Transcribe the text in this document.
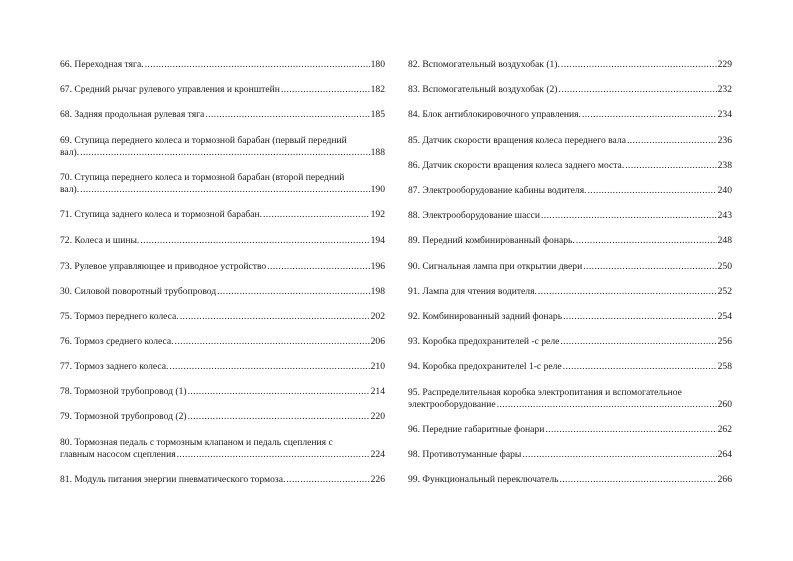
66. Переходная тяга. .....	180
67. Средний рычаг рулевого управления и кронштейн .....	182
68. Задняя продольная рулевая тяга .....	185
69. Ступица переднего колеса и тормозной барабан (первый передний
вал). .....	188
70. Ступица переднего колеса и тормозной барабан (второй передний
вал). .....	190
71. Ступица заднего колеса и тормозной барабан. .....	192
72. Колеса и шины. .....	194
73. Рулевое управляющее и приводное устройство .....	196
30. Силовой поворотный трубопровод .....	198
75. Тормоз переднего колеса. .....	202
76. Тормоз среднего колеса. .....	206
77. Тормоз заднего колеса. .....	210
78. Тормозной трубопровод (1) .....	214
79. Тормозной трубопровод (2) .....	220
80. Тормозная педаль с тормозным клапаном и педаль сцепления с
главным насосом сцепления .....	224
81. Модуль питания энергии пневматического тормоза. .....	226
82. Вспомогательный воздухобак (1). .....	229
83. Вспомогательный воздухобак (2) .....	232
84. Блок антиблокировочного управления. .....	234
85. Датчик скорости вращения колеса переднего вала .....	236
86. Датчик скорости вращения колеса заднего моста. .....	238
87. Электрооборудование кабины водителя. .....	240
88. Электрооборудование шасси .....	243
89. Передний комбинированный фонарь. .....	248
90. Сигнальная лампа при открытии двери .....	250
91. Лампа для чтения водителя. .....	252
92. Комбинированный задний фонарь .....	254
93. Коробка предохранителей -с реле .....	256
94. Коробка предохранителеl 1-с реле .....	258
95. Распределительная коробка электропитания и вспомогательное
электрооборудование .....	260
96. Передние габаритные фонари .....	262
98. Противотуманные фары .....	264
99. Функциональный переключатель .....	266
